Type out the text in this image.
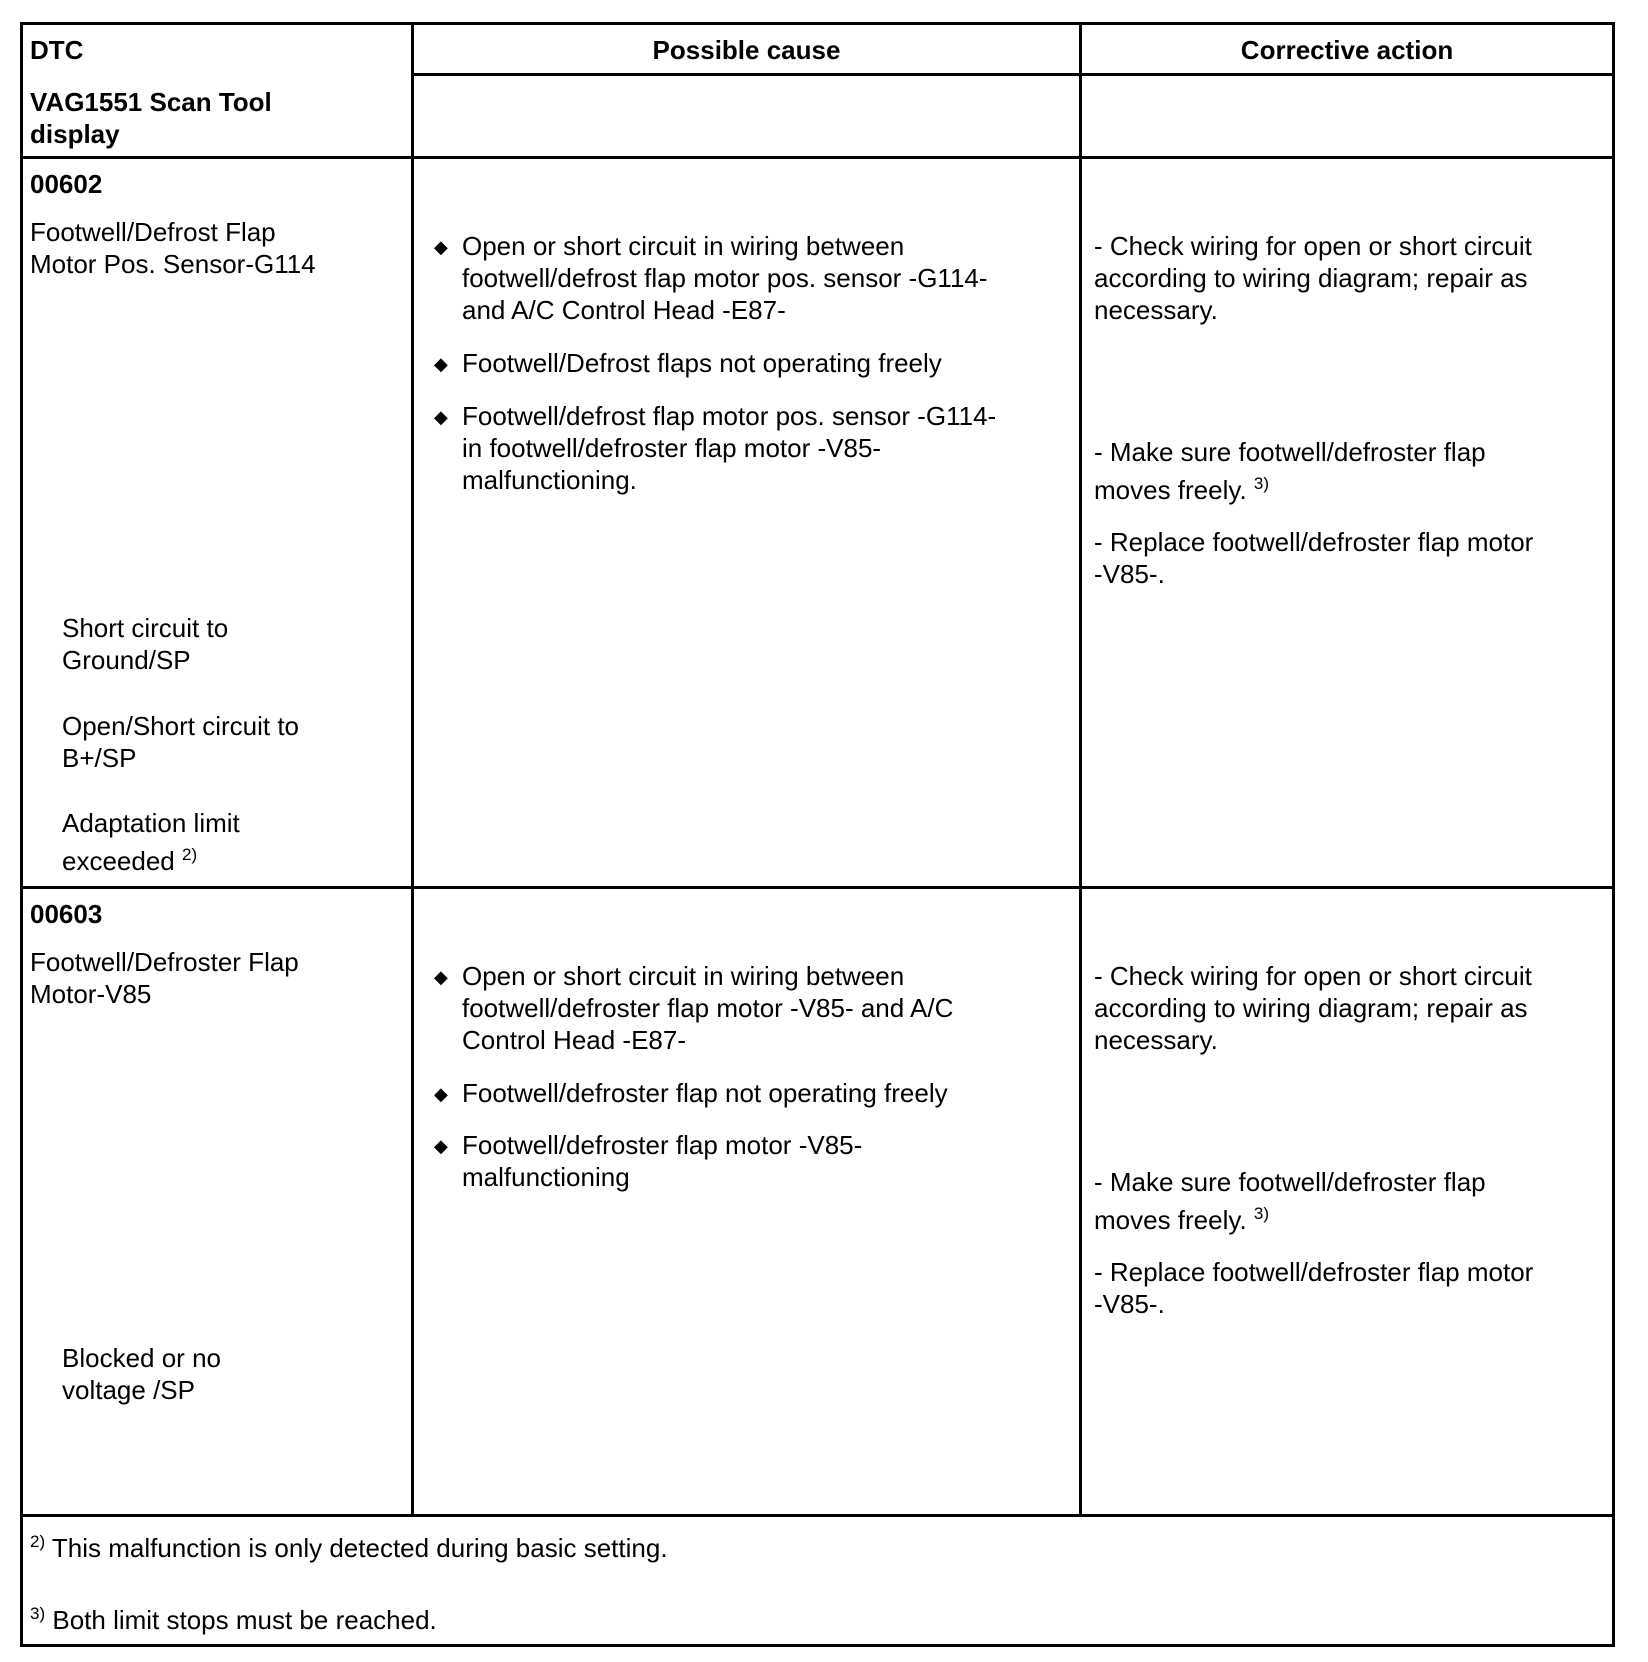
DTC
VAG1551 Scan Tool display
Possible cause	Corrective action
00602
Footwell/Defrost Flap
Motor Pos. Sensor-G114
Short circuit to
Ground/SP
Open/Short circuit to
B+/SP
Adaptation limit
exceeded $^{2)}$
◆ Open or short circuit in wiring between
footwell/defrost flap motor pos. sensor -G114-
and A/C Control Head -E87-
◆ Footwell/Defrost flaps not operating freely
◆ Footwell/defrost flap motor pos. sensor -G114-
in footwell/defroster flap motor -V85-
malfunctioning.
- Check wiring for open or short circuit
according to wiring diagram; repair as
necessary.
- Make sure footwell/defroster flap
moves freely. $^{3)}$
- Replace footwell/defroster flap motor
-V85-.
00603
Footwell/Defroster Flap
Motor-V85
Blocked or no
voltage /SP
◆ Open or short circuit in wiring between
footwell/defroster flap motor -V85- and A/C
Control Head -E87-
◆ Footwell/defroster flap not operating freely
◆ Footwell/defroster flap motor -V85-
malfunctioning
- Check wiring for open or short circuit
according to wiring diagram; repair as
necessary.
- Make sure footwell/defroster flap
moves freely. $^{3)}$
- Replace footwell/defroster flap motor
-V85-.
$^{2)}$ This malfunction is only detected during basic setting.
$^{3)}$ Both limit stops must be reached.
